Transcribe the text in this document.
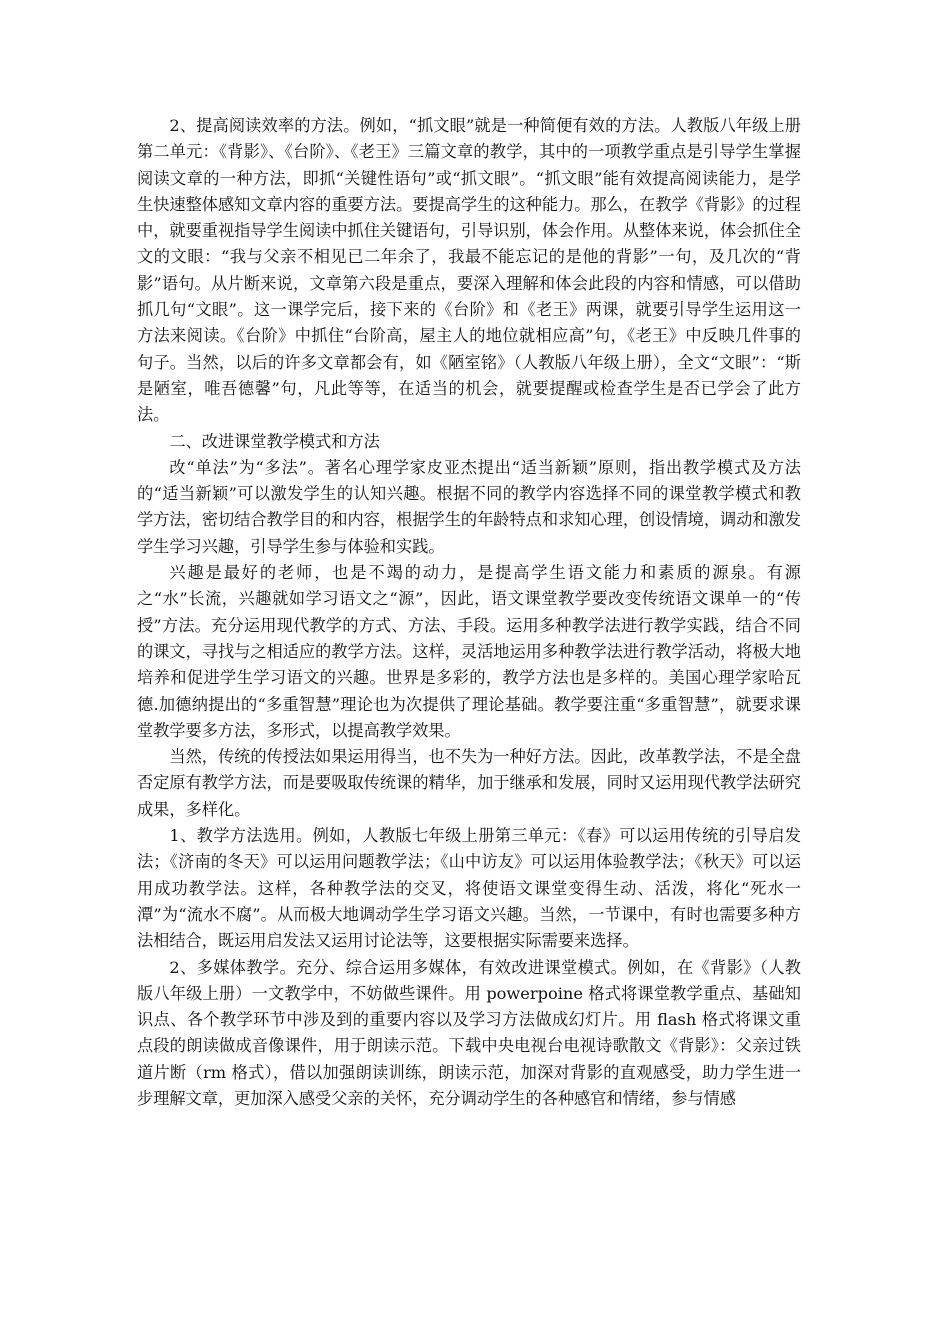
2、提高阅读效率的方法。例如，“抓文眼”就是一种简便有效的方法。人教版八年级上册第二单元：《背影》、《台阶》、《老王》三篇文章的教学，其中的一项教学重点是引导学生掌握阅读文章的一种方法，即抓“关键性语句”或“抓文眼”。“抓文眼”能有效提高阅读能力，是学生快速整体感知文章内容的重要方法。要提高学生的这种能力。那么，在教学《背影》的过程中，就要重视指导学生阅读中抓住关键语句，引导识别，体会作用。从整体来说，体会抓住全文的文眼：“我与父亲不相见已二年余了，我最不能忘记的是他的背影”一句，及几次的“背影”语句。从片断来说，文章第六段是重点，要深入理解和体会此段的内容和情感，可以借助抓几句“文眼”。这一课学完后，接下来的《台阶》和《老王》两课，就要引导学生运用这一方法来阅读。《台阶》中抓住“台阶高，屋主人的地位就相应高”句，《老王》中反映几件事的句子。当然，以后的许多文章都会有，如《陋室铭》（人教版八年级上册），全文“文眼”：“斯是陋室，唯吾德馨”句，凡此等等，在适当的机会，就要提醒或检查学生是否已学会了此方法。

二、改进课堂教学模式和方法

改“单法”为“多法”。著名心理学家皮亚杰提出“适当新颖”原则，指出教学模式及方法的“适当新颖”可以激发学生的认知兴趣。根据不同的教学内容选择不同的课堂教学模式和教学方法，密切结合教学目的和内容，根据学生的年龄特点和求知心理，创设情境，调动和激发学生学习兴趣，引导学生参与体验和实践。

兴趣是最好的老师，也是不竭的动力，是提高学生语文能力和素质的源泉。有源之“水”长流，兴趣就如学习语文之“源”，因此，语文课堂教学要改变传统语文课单一的“传授”方法。充分运用现代教学的方式、方法、手段。运用多种教学法进行教学实践，结合不同的课文，寻找与之相适应的教学方法。这样，灵活地运用多种教学法进行教学活动，将极大地培养和促进学生学习语文的兴趣。世界是多彩的，教学方法也是多样的。美国心理学家哈瓦德.加德纳提出的“多重智慧”理论也为次提供了理论基础。教学要注重“多重智慧”，就要求课堂教学要多方法，多形式，以提高教学效果。

当然，传统的传授法如果运用得当，也不失为一种好方法。因此，改革教学法，不是全盘否定原有教学方法，而是要吸取传统课的精华，加于继承和发展，同时又运用现代教学法研究成果，多样化。

1、教学方法选用。例如，人教版七年级上册第三单元：《春》可以运用传统的引导启发法；《济南的冬天》可以运用问题教学法；《山中访友》可以运用体验教学法；《秋天》可以运用成功教学法。这样，各种教学法的交叉，将使语文课堂变得生动、活泼，将化“死水一潭”为“流水不腐”。从而极大地调动学生学习语文兴趣。当然，一节课中，有时也需要多种方法相结合，既运用启发法又运用讨论法等，这要根据实际需要来选择。

2、多媒体教学。充分、综合运用多媒体，有效改进课堂模式。例如，在《背影》（人教版八年级上册）一文教学中，不妨做些课件。用 powerpoine 格式将课堂教学重点、基础知识点、各个教学环节中涉及到的重要内容以及学习方法做成幻灯片。用 flash 格式将课文重点段的朗读做成音像课件，用于朗读示范。下载中央电视台电视诗歌散文《背影》：父亲过铁道片断（rm 格式），借以加强朗读训练，朗读示范，加深对背影的直观感受，助力学生进一步理解文章，更加深入感受父亲的关怀，充分调动学生的各种感官和情绪，参与情感
